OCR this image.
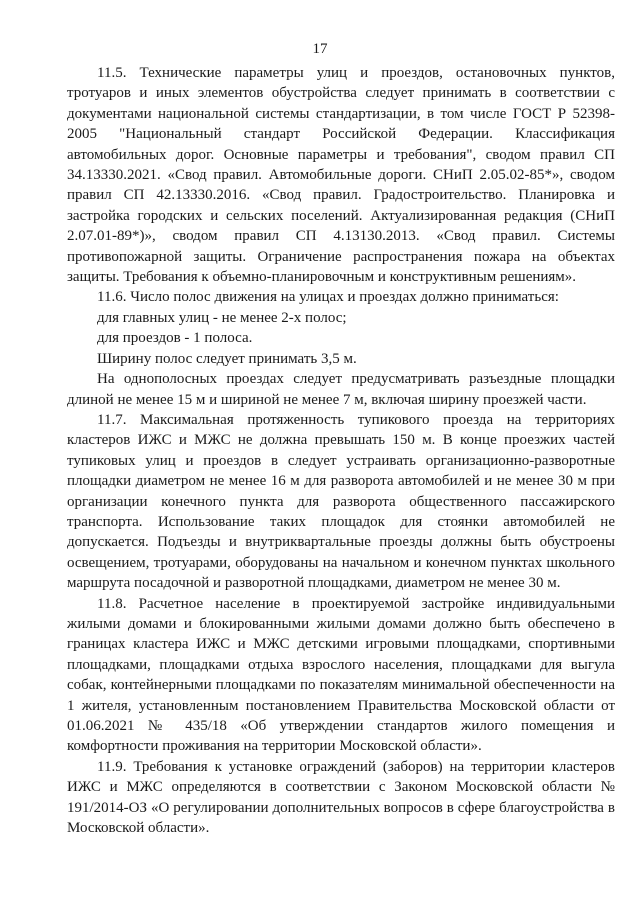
17

11.5. Технические параметры улиц и проездов, остановочных пунктов, тротуаров и иных элементов обустройства следует принимать в соответствии с документами национальной системы стандартизации, в том числе ГОСТ Р 52398-2005 "Национальный стандарт Российской Федерации. Классификация автомобильных дорог. Основные параметры и требования", сводом правил СП 34.13330.2021. «Свод правил. Автомобильные дороги. СНиП 2.05.02-85*», сводом правил СП 42.13330.2016. «Свод правил. Градостроительство. Планировка и застройка городских и сельских поселений. Актуализированная редакция (СНиП 2.07.01-89*)», сводом правил СП 4.13130.2013. «Свод правил. Системы противопожарной защиты. Ограничение распространения пожара на объектах защиты. Требования к объемно-планировочным и конструктивным решениям».

11.6. Число полос движения на улицах и проездах должно приниматься:

для главных улиц - не менее 2-х полос;

для проездов - 1 полоса.

Ширину полос следует принимать 3,5 м.

На однополосных проездах следует предусматривать разъездные площадки длиной не менее 15 м и шириной не менее 7 м, включая ширину проезжей части.

11.7. Максимальная протяженность тупикового проезда на территориях кластеров ИЖС и МЖС не должна превышать 150 м. В конце проезжих частей тупиковых улиц и проездов в следует устраивать организационно-разворотные площадки диаметром не менее 16 м для разворота автомобилей и не менее 30 м при организации конечного пункта для разворота общественного пассажирского транспорта. Использование таких площадок для стоянки автомобилей не допускается. Подъезды и внутриквартальные проезды должны быть обустроены освещением, тротуарами, оборудованы на начальном и конечном пунктах школьного маршрута посадочной и разворотной площадками, диаметром не менее 30 м.

11.8. Расчетное население в проектируемой застройке индивидуальными жилыми домами и блокированными жилыми домами должно быть обеспечено в границах кластера ИЖС и МЖС детскими игровыми площадками, спортивными площадками, площадками отдыха взрослого населения, площадками для выгула собак, контейнерными площадками по показателям минимальной обеспеченности на 1 жителя, установленным постановлением Правительства Московской области от 01.06.2021 № 435/18 «Об утверждении стандартов жилого помещения и комфортности проживания на территории Московской области».

11.9. Требования к установке ограждений (заборов) на территории кластеров ИЖС и МЖС определяются в соответствии с Законом Московской области № 191/2014-ОЗ «О регулировании дополнительных вопросов в сфере благоустройства в Московской области».
